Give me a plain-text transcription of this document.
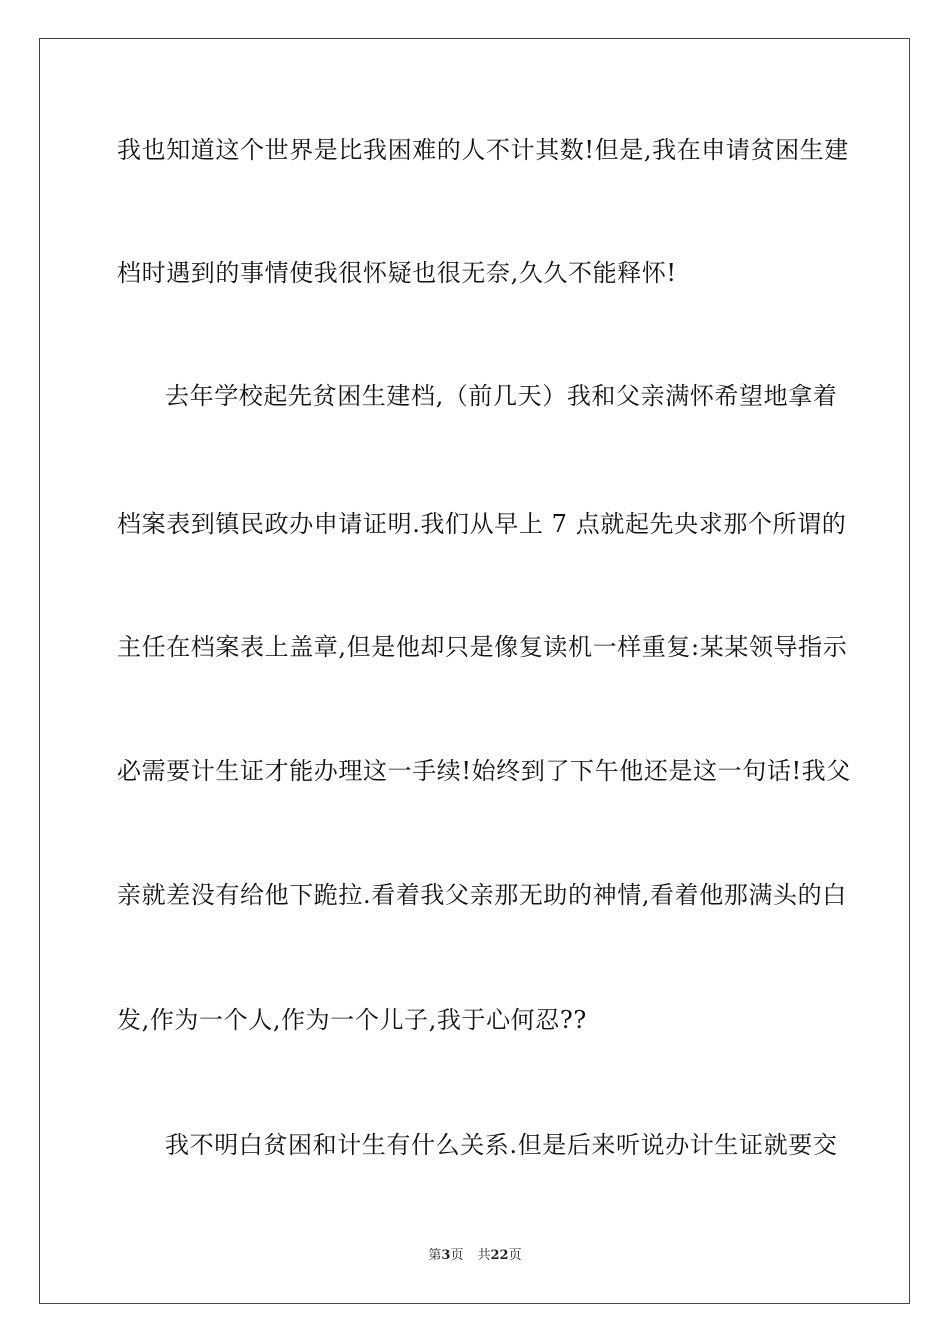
我也知道这个世界是比我困难的人不计其数!但是,我在申请贫困生建
档时遇到的事情使我很怀疑也很无奈,久久不能释怀!
去年学校起先贫困生建档,（前几天）我和父亲满怀希望地拿着
档案表到镇民政办申请证明.我们从早上 7 点就起先央求那个所谓的
主任在档案表上盖章,但是他却只是像复读机一样重复:某某领导指示
必需要计生证才能办理这一手续!始终到了下午他还是这一句话!我父
亲就差没有给他下跪拉.看着我父亲那无助的神情,看着他那满头的白
发,作为一个人,作为一个儿子,我于心何忍??
我不明白贫困和计生有什么关系.但是后来听说办计生证就要交
第3页 共22页
